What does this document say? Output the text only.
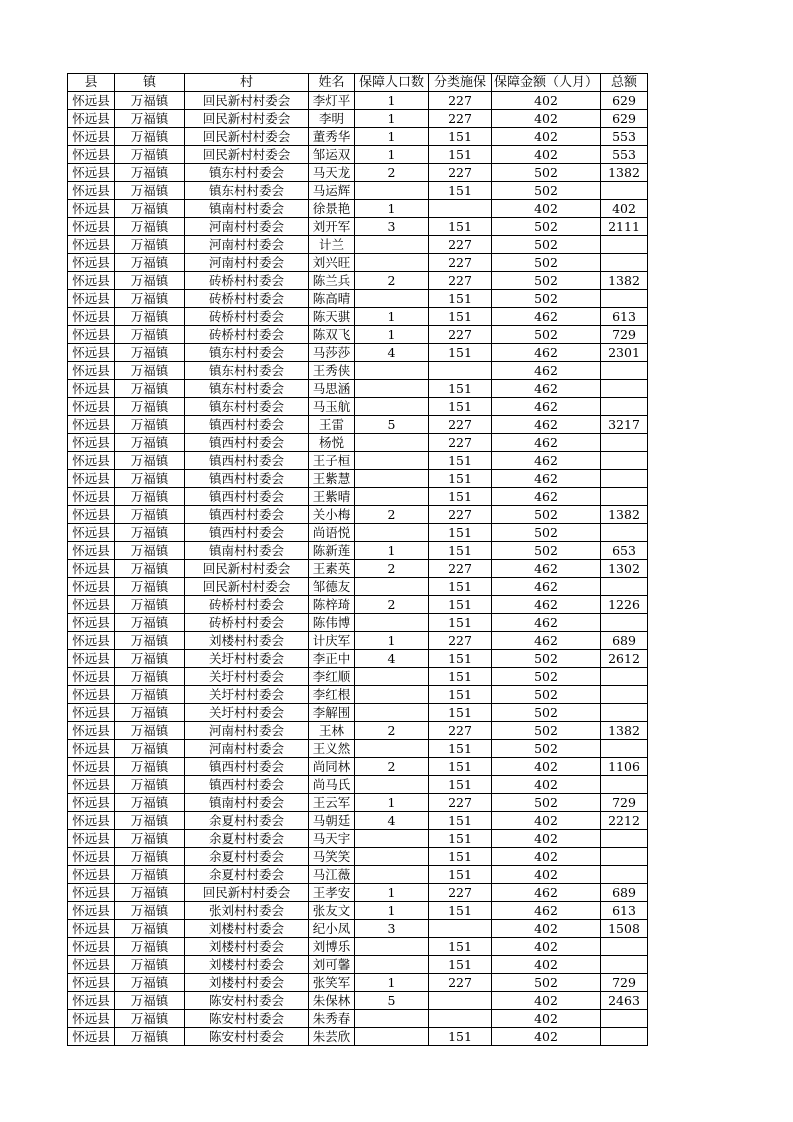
县	镇	村	姓名	保障人口数	分类施保	保障金额（人月）	总额
怀远县	万福镇	回民新村村委会	李灯平	1	227	402	629
怀远县	万福镇	回民新村村委会	李明	1	227	402	629
怀远县	万福镇	回民新村村委会	董秀华	1	151	402	553
怀远县	万福镇	回民新村村委会	邹运双	1	151	402	553
怀远县	万福镇	镇东村村委会	马天龙	2	227	502	1382
怀远县	万福镇	镇东村村委会	马运辉		151	502	
怀远县	万福镇	镇南村村委会	徐景艳	1		402	402
怀远县	万福镇	河南村村委会	刘开军	3	151	502	2111
怀远县	万福镇	河南村村委会	计兰		227	502	
怀远县	万福镇	河南村村委会	刘兴旺		227	502	
怀远县	万福镇	砖桥村村委会	陈兰兵	2	227	502	1382
怀远县	万福镇	砖桥村村委会	陈高晴		151	502	
怀远县	万福镇	砖桥村村委会	陈天骐	1	151	462	613
怀远县	万福镇	砖桥村村委会	陈双飞	1	227	502	729
怀远县	万福镇	镇东村村委会	马莎莎	4	151	462	2301
怀远县	万福镇	镇东村村委会	王秀侠			462	
怀远县	万福镇	镇东村村委会	马思涵		151	462	
怀远县	万福镇	镇东村村委会	马玉航		151	462	
怀远县	万福镇	镇西村村委会	王雷	5	227	462	3217
怀远县	万福镇	镇西村村委会	杨悦		227	462	
怀远县	万福镇	镇西村村委会	王子桓		151	462	
怀远县	万福镇	镇西村村委会	王紫慧		151	462	
怀远县	万福镇	镇西村村委会	王紫晴		151	462	
怀远县	万福镇	镇西村村委会	关小梅	2	227	502	1382
怀远县	万福镇	镇西村村委会	尚语悦		151	502	
怀远县	万福镇	镇南村村委会	陈新莲	1	151	502	653
怀远县	万福镇	回民新村村委会	王素英	2	227	462	1302
怀远县	万福镇	回民新村村委会	邹德友		151	462	
怀远县	万福镇	砖桥村村委会	陈梓琦	2	151	462	1226
怀远县	万福镇	砖桥村村委会	陈伟博		151	462	
怀远县	万福镇	刘楼村村委会	计庆军	1	227	462	689
怀远县	万福镇	关圩村村委会	李正中	4	151	502	2612
怀远县	万福镇	关圩村村委会	李红顺		151	502	
怀远县	万福镇	关圩村村委会	李红根		151	502	
怀远县	万福镇	关圩村村委会	李解围		151	502	
怀远县	万福镇	河南村村委会	王林	2	227	502	1382
怀远县	万福镇	河南村村委会	王义然		151	502	
怀远县	万福镇	镇西村村委会	尚同林	2	151	402	1106
怀远县	万福镇	镇西村村委会	尚马氏		151	402	
怀远县	万福镇	镇南村村委会	王云军	1	227	502	729
怀远县	万福镇	余夏村村委会	马朝廷	4	151	402	2212
怀远县	万福镇	余夏村村委会	马天宇		151	402	
怀远县	万福镇	余夏村村委会	马笑笑		151	402	
怀远县	万福镇	余夏村村委会	马江薇		151	402	
怀远县	万福镇	回民新村村委会	王孝安	1	227	462	689
怀远县	万福镇	张刘村村委会	张友文	1	151	462	613
怀远县	万福镇	刘楼村村委会	纪小凤	3		402	1508
怀远县	万福镇	刘楼村村委会	刘博乐		151	402	
怀远县	万福镇	刘楼村村委会	刘可馨		151	402	
怀远县	万福镇	刘楼村村委会	张笑军	1	227	502	729
怀远县	万福镇	陈安村村委会	朱保林	5		402	2463
怀远县	万福镇	陈安村村委会	朱秀春			402	
怀远县	万福镇	陈安村村委会	朱芸欣		151	402	
